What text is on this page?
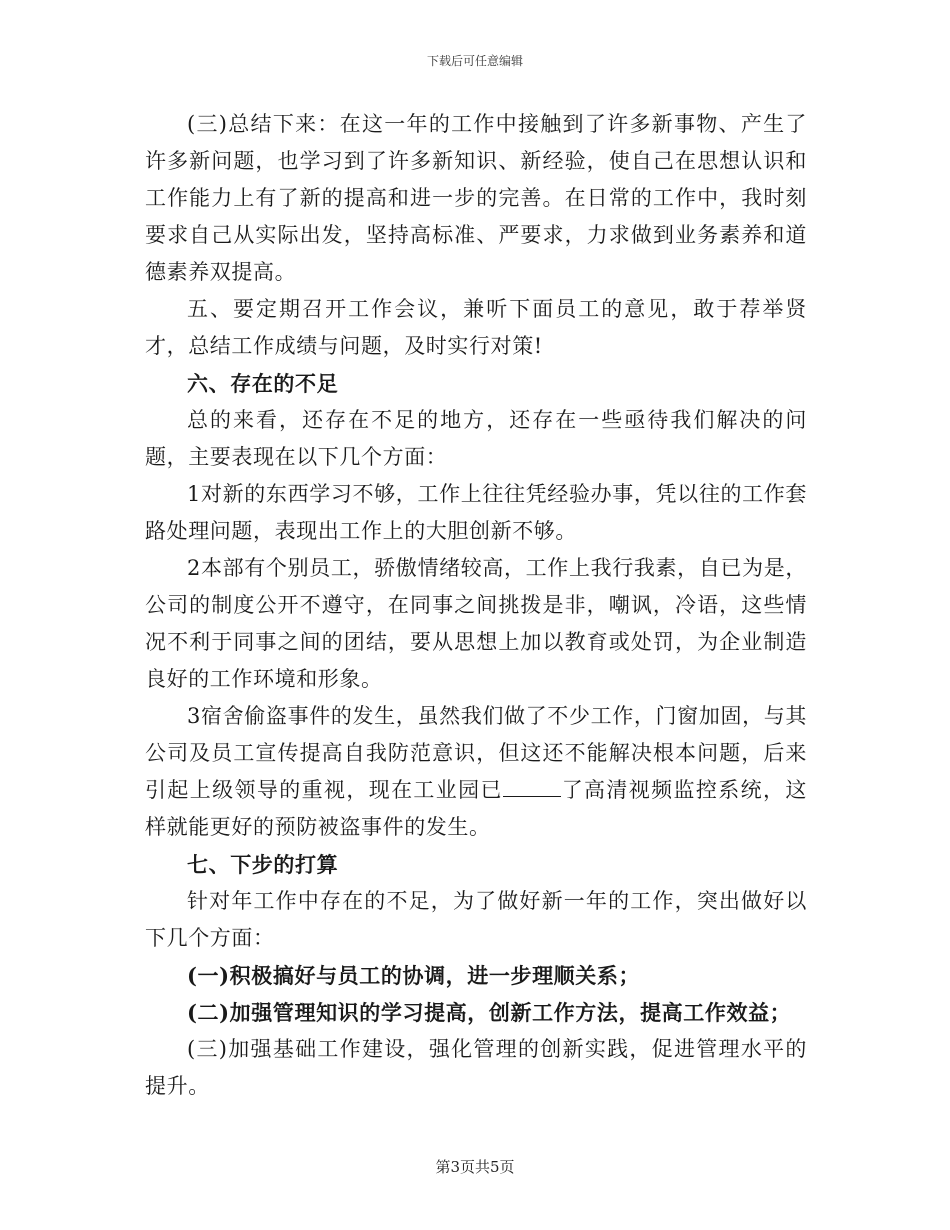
下载后可任意编辑

(三)总结下来：在这一年的工作中接触到了许多新事物、产生了许多新问题，也学习到了许多新知识、新经验，使自己在思想认识和工作能力上有了新的提高和进一步的完善。在日常的工作中，我时刻要求自己从实际出发，坚持高标准、严要求，力求做到业务素养和道德素养双提高。

五、要定期召开工作会议，兼听下面员工的意见，敢于荐举贤才，总结工作成绩与问题，及时实行对策!

六、存在的不足

总的来看，还存在不足的地方，还存在一些亟待我们解决的问题，主要表现在以下几个方面：

1对新的东西学习不够，工作上往往凭经验办事，凭以往的工作套路处理问题，表现出工作上的大胆创新不够。

2本部有个别员工，骄傲情绪较高，工作上我行我素，自已为是，公司的制度公开不遵守，在同事之间挑拨是非，嘲讽，冷语，这些情况不利于同事之间的团结，要从思想上加以教育或处罚，为企业制造良好的工作环境和形象。

3宿舍偷盗事件的发生，虽然我们做了不少工作，门窗加固，与其公司及员工宣传提高自我防范意识，但这还不能解决根本问题，后来引起上级领导的重视，现在工业园已	了高清视频监控系统，这样就能更好的预防被盗事件的发生。

七、下步的打算

针对年工作中存在的不足，为了做好新一年的工作，突出做好以下几个方面：

(一)积极搞好与员工的协调，进一步理顺关系；

(二)加强管理知识的学习提高，创新工作方法，提高工作效益；

(三)加强基础工作建设，强化管理的创新实践，促进管理水平的提升。

第3页共5页
